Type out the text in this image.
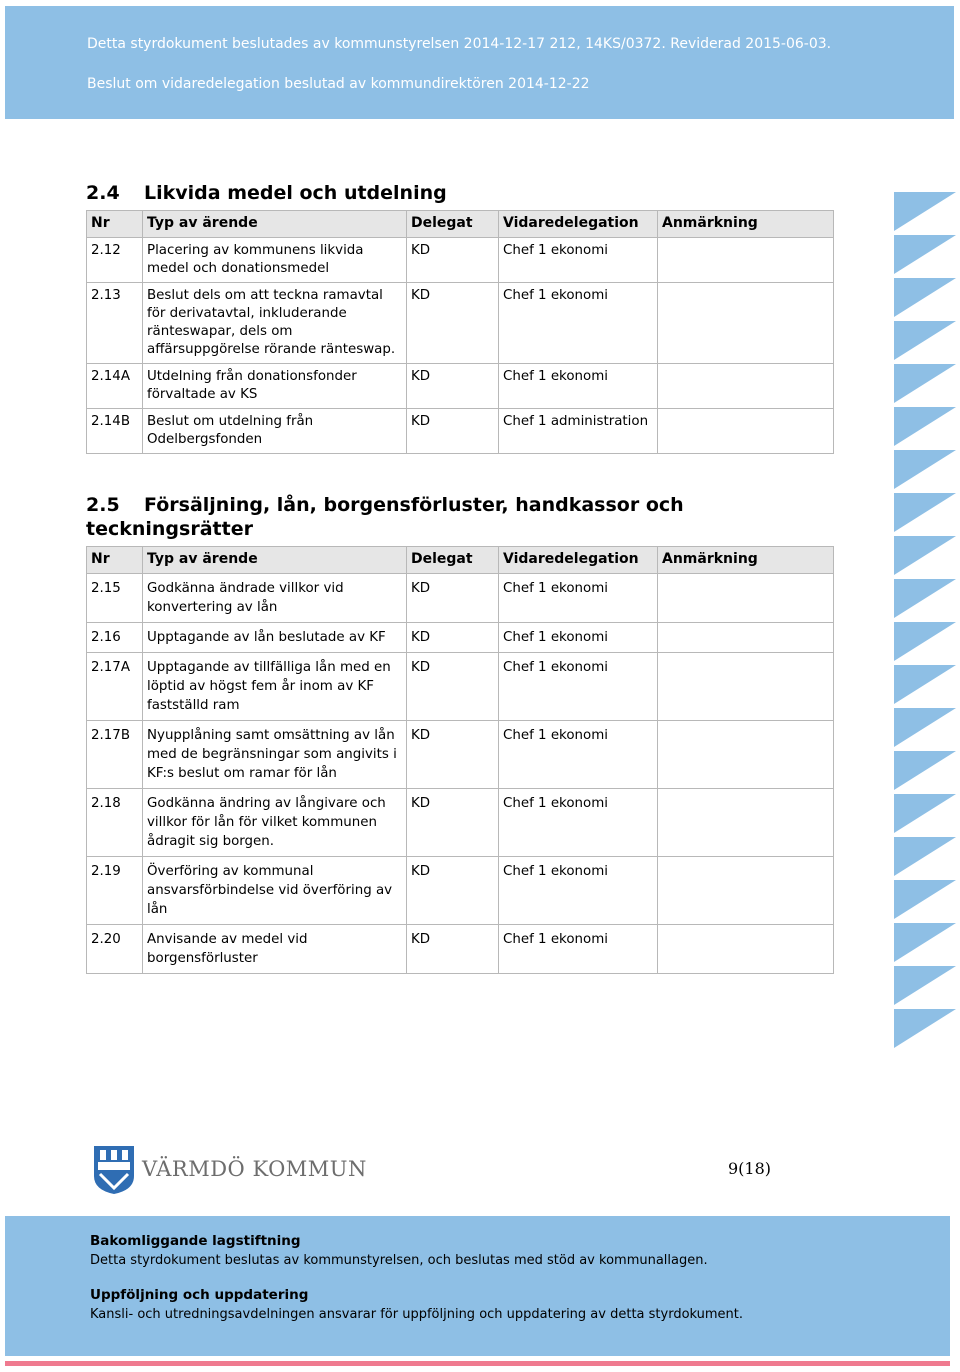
Detta styrdokument beslutades av kommunstyrelsen 2014-12-17 212, 14KS/0372. Reviderad 2015-06-03.
Beslut om vidaredelegation beslutad av kommundirektören 2014-12-22
2.4 Likvida medel och utdelning
Nr	Typ av ärende	Delegat	Vidaredelegation	Anmärkning
2.12	Placering av kommunens likvida medel och donationsmedel	KD	Chef 1 ekonomi	
2.13	Beslut dels om att teckna ramavtal för derivatavtal, inkluderande ränteswapar, dels om affärsuppgörelse rörande ränteswap.	KD	Chef 1 ekonomi	
2.14A	Utdelning från donationsfonder förvaltade av KS	KD	Chef 1 ekonomi	
2.14B	Beslut om utdelning från Odelbergsfonden	KD	Chef 1 administration	
2.5 Försäljning, lån, borgensförluster, handkassor och teckningsrätter
Nr	Typ av ärende	Delegat	Vidaredelegation	Anmärkning
2.15	Godkänna ändrade villkor vid konvertering av lån	KD	Chef 1 ekonomi	
2.16	Upptagande av lån beslutade av KF	KD	Chef 1 ekonomi	
2.17A	Upptagande av tillfälliga lån med en löptid av högst fem år inom av KF fastställd ram	KD	Chef 1 ekonomi	
2.17B	Nyupplåning samt omsättning av lån med de begränsningar som angivits i KF:s beslut om ramar för lån	KD	Chef 1 ekonomi	
2.18	Godkänna ändring av långivare och villkor för lån för vilket kommunen ådragit sig borgen.	KD	Chef 1 ekonomi	
2.19	Överföring av kommunal ansvarsförbindelse vid överföring av lån	KD	Chef 1 ekonomi	
2.20	Anvisande av medel vid borgensförluster	KD	Chef 1 ekonomi	
VÄRMDÖ KOMMUN	9(18)
Bakomliggande lagstiftning
Detta styrdokument beslutas av kommunstyrelsen, och beslutas med stöd av kommunallagen.
Uppföljning och uppdatering
Kansli- och utredningsavdelningen ansvarar för uppföljning och uppdatering av detta styrdokument.
